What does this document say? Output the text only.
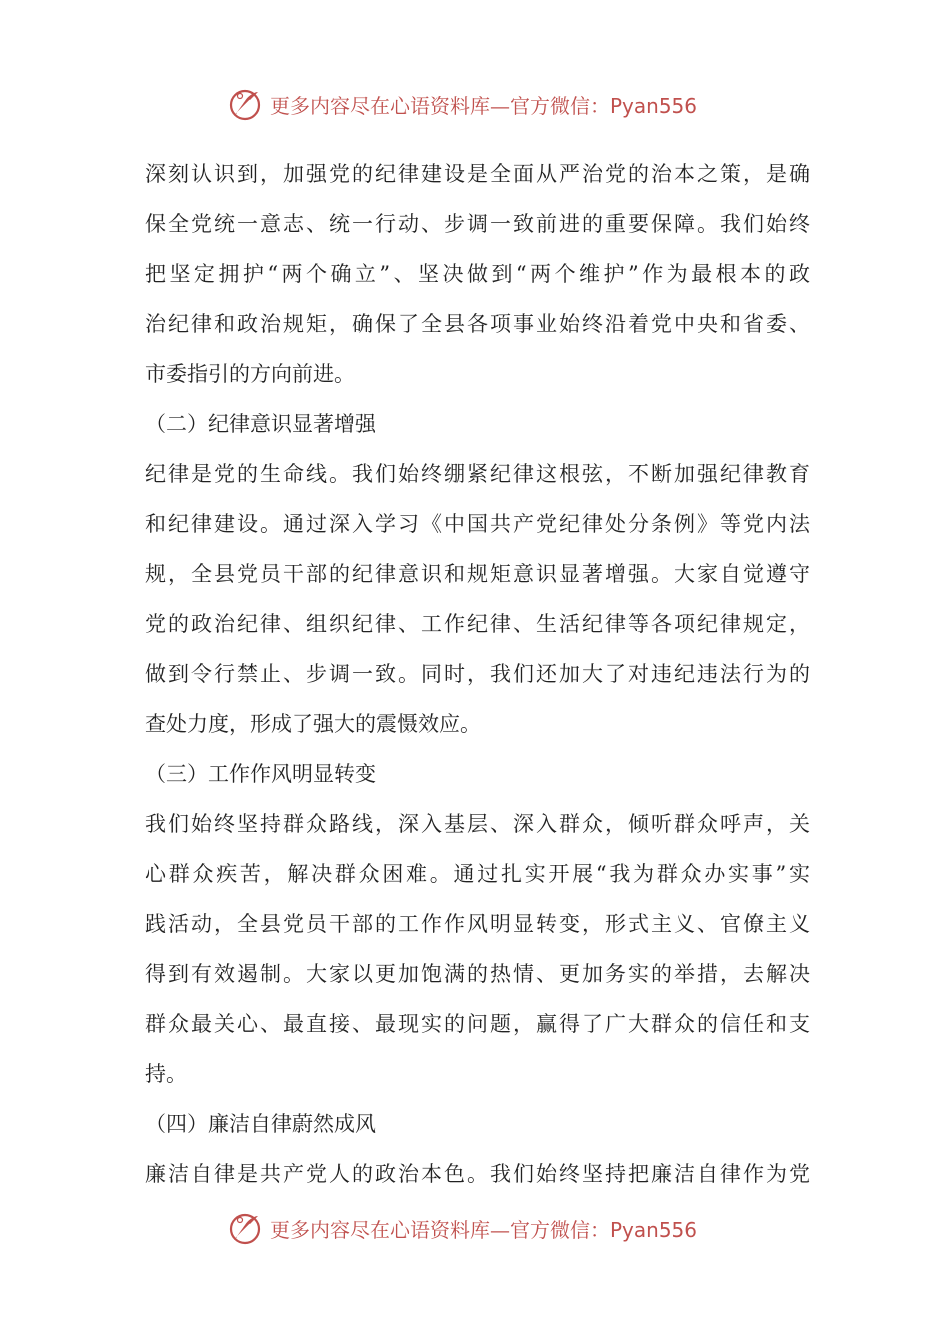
更多内容尽在心语资料库—官方微信：Pyan556
深刻认识到，加强党的纪律建设是全面从严治党的治本之策，是确
保全党统一意志、统一行动、步调一致前进的重要保障。我们始终
把坚定拥护“两个确立”、坚决做到“两个维护”作为最根本的政
治纪律和政治规矩，确保了全县各项事业始终沿着党中央和省委、
市委指引的方向前进。
（二）纪律意识显著增强
纪律是党的生命线。我们始终绷紧纪律这根弦，不断加强纪律教育
和纪律建设。通过深入学习《中国共产党纪律处分条例》等党内法
规，全县党员干部的纪律意识和规矩意识显著增强。大家自觉遵守
党的政治纪律、组织纪律、工作纪律、生活纪律等各项纪律规定，
做到令行禁止、步调一致。同时，我们还加大了对违纪违法行为的
查处力度，形成了强大的震慑效应。
（三）工作作风明显转变
我们始终坚持群众路线，深入基层、深入群众，倾听群众呼声，关
心群众疾苦，解决群众困难。通过扎实开展“我为群众办实事”实
践活动，全县党员干部的工作作风明显转变，形式主义、官僚主义
得到有效遏制。大家以更加饱满的热情、更加务实的举措，去解决
群众最关心、最直接、最现实的问题，赢得了广大群众的信任和支
持。
（四）廉洁自律蔚然成风
廉洁自律是共产党人的政治本色。我们始终坚持把廉洁自律作为党
更多内容尽在心语资料库—官方微信：Pyan556
